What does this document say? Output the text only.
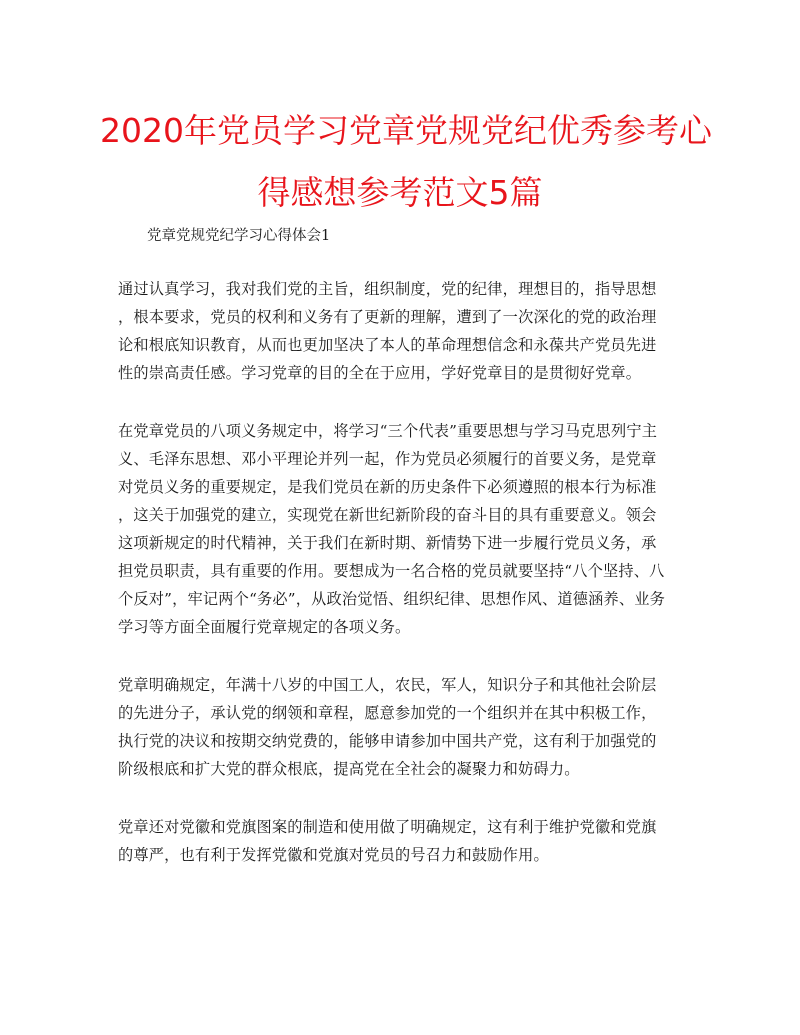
2020年党员学习党章党规党纪优秀参考心
得感想参考范文5篇

党章党规党纪学习心得体会1

通过认真学习，我对我们党的主旨，组织制度，党的纪律，理想目的，指导思想
，根本要求，党员的权利和义务有了更新的理解，遭到了一次深化的党的政治理
论和根底知识教育，从而也更加坚决了本人的革命理想信念和永葆共产党员先进
性的崇高责任感。学习党章的目的全在于应用，学好党章目的是贯彻好党章。
在党章党员的八项义务规定中，将学习“三个代表”重要思想与学习马克思列宁主
义、毛泽东思想、邓小平理论并列一起，作为党员必须履行的首要义务，是党章
对党员义务的重要规定，是我们党员在新的历史条件下必须遵照的根本行为标准
，这关于加强党的建立，实现党在新世纪新阶段的奋斗目的具有重要意义。领会
这项新规定的时代精神，关于我们在新时期、新情势下进一步履行党员义务，承
担党员职责，具有重要的作用。要想成为一名合格的党员就要坚持“八个坚持、八
个反对”，牢记两个“务必”，从政治觉悟、组织纪律、思想作风、道德涵养、业务
学习等方面全面履行党章规定的各项义务。
党章明确规定，年满十八岁的中国工人，农民，军人，知识分子和其他社会阶层
的先进分子，承认党的纲领和章程，愿意参加党的一个组织并在其中积极工作，
执行党的决议和按期交纳党费的，能够申请参加中国共产党，这有利于加强党的
阶级根底和扩大党的群众根底，提高党在全社会的凝聚力和妨碍力。
党章还对党徽和党旗图案的制造和使用做了明确规定，这有利于维护党徽和党旗
的尊严，也有利于发挥党徽和党旗对党员的号召力和鼓励作用。
